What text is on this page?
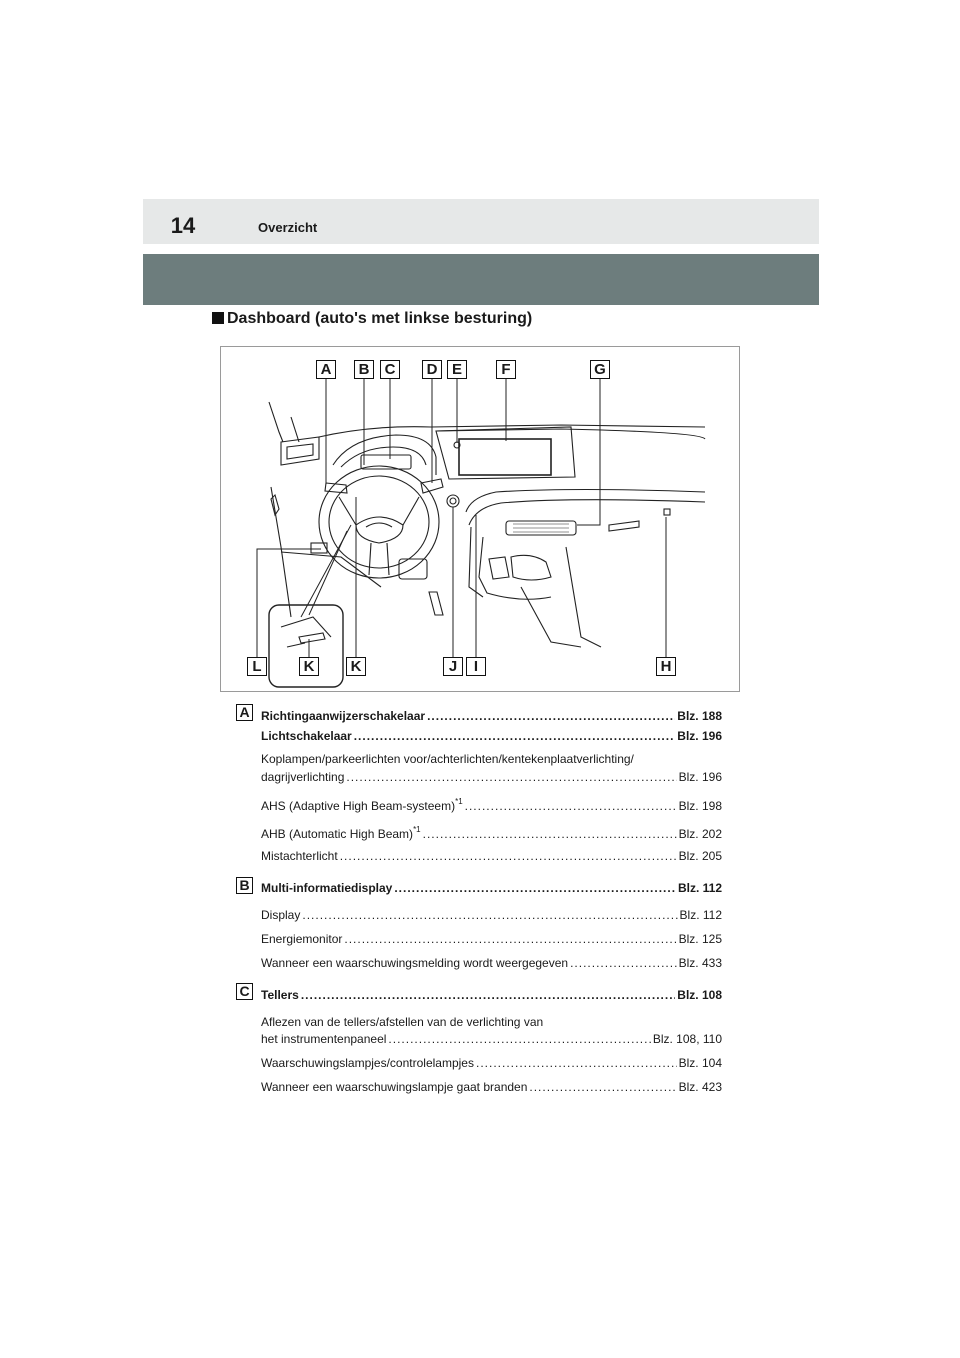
14	Overzicht
Dashboard (auto's met linkse besturing)
A	B	C	D E	F	G
L	K	K	J	I	H
A Richtingaanwijzerschakelaar .....	Blz. 188
Lichtschakelaar .....	Blz. 196
Koplampen/parkeerlichten voor/achterlichten/kentekenplaatverlichting/
dagrijverlichting .....	Blz. 196
AHS (Adaptive High Beam-systeem)$^{*1}$ .....	Blz. 198
AHB (Automatic High Beam)$^{*1}$ .....	Blz. 202
Mistachterlicht .....	Blz. 205
B Multi-informatiedisplay .....	Blz. 112
Display .....	Blz. 112
Energiemonitor .....	Blz. 125
Wanneer een waarschuwingsmelding wordt weergegeven .....	Blz. 433
C Tellers .....	Blz. 108
Aflezen van de tellers/afstellen van de verlichting van
het instrumentenpaneel .....	Blz. 108, 110
Waarschuwingslampjes/controlelampjes .....	Blz. 104
Wanneer een waarschuwingslampje gaat branden .....	Blz. 423
